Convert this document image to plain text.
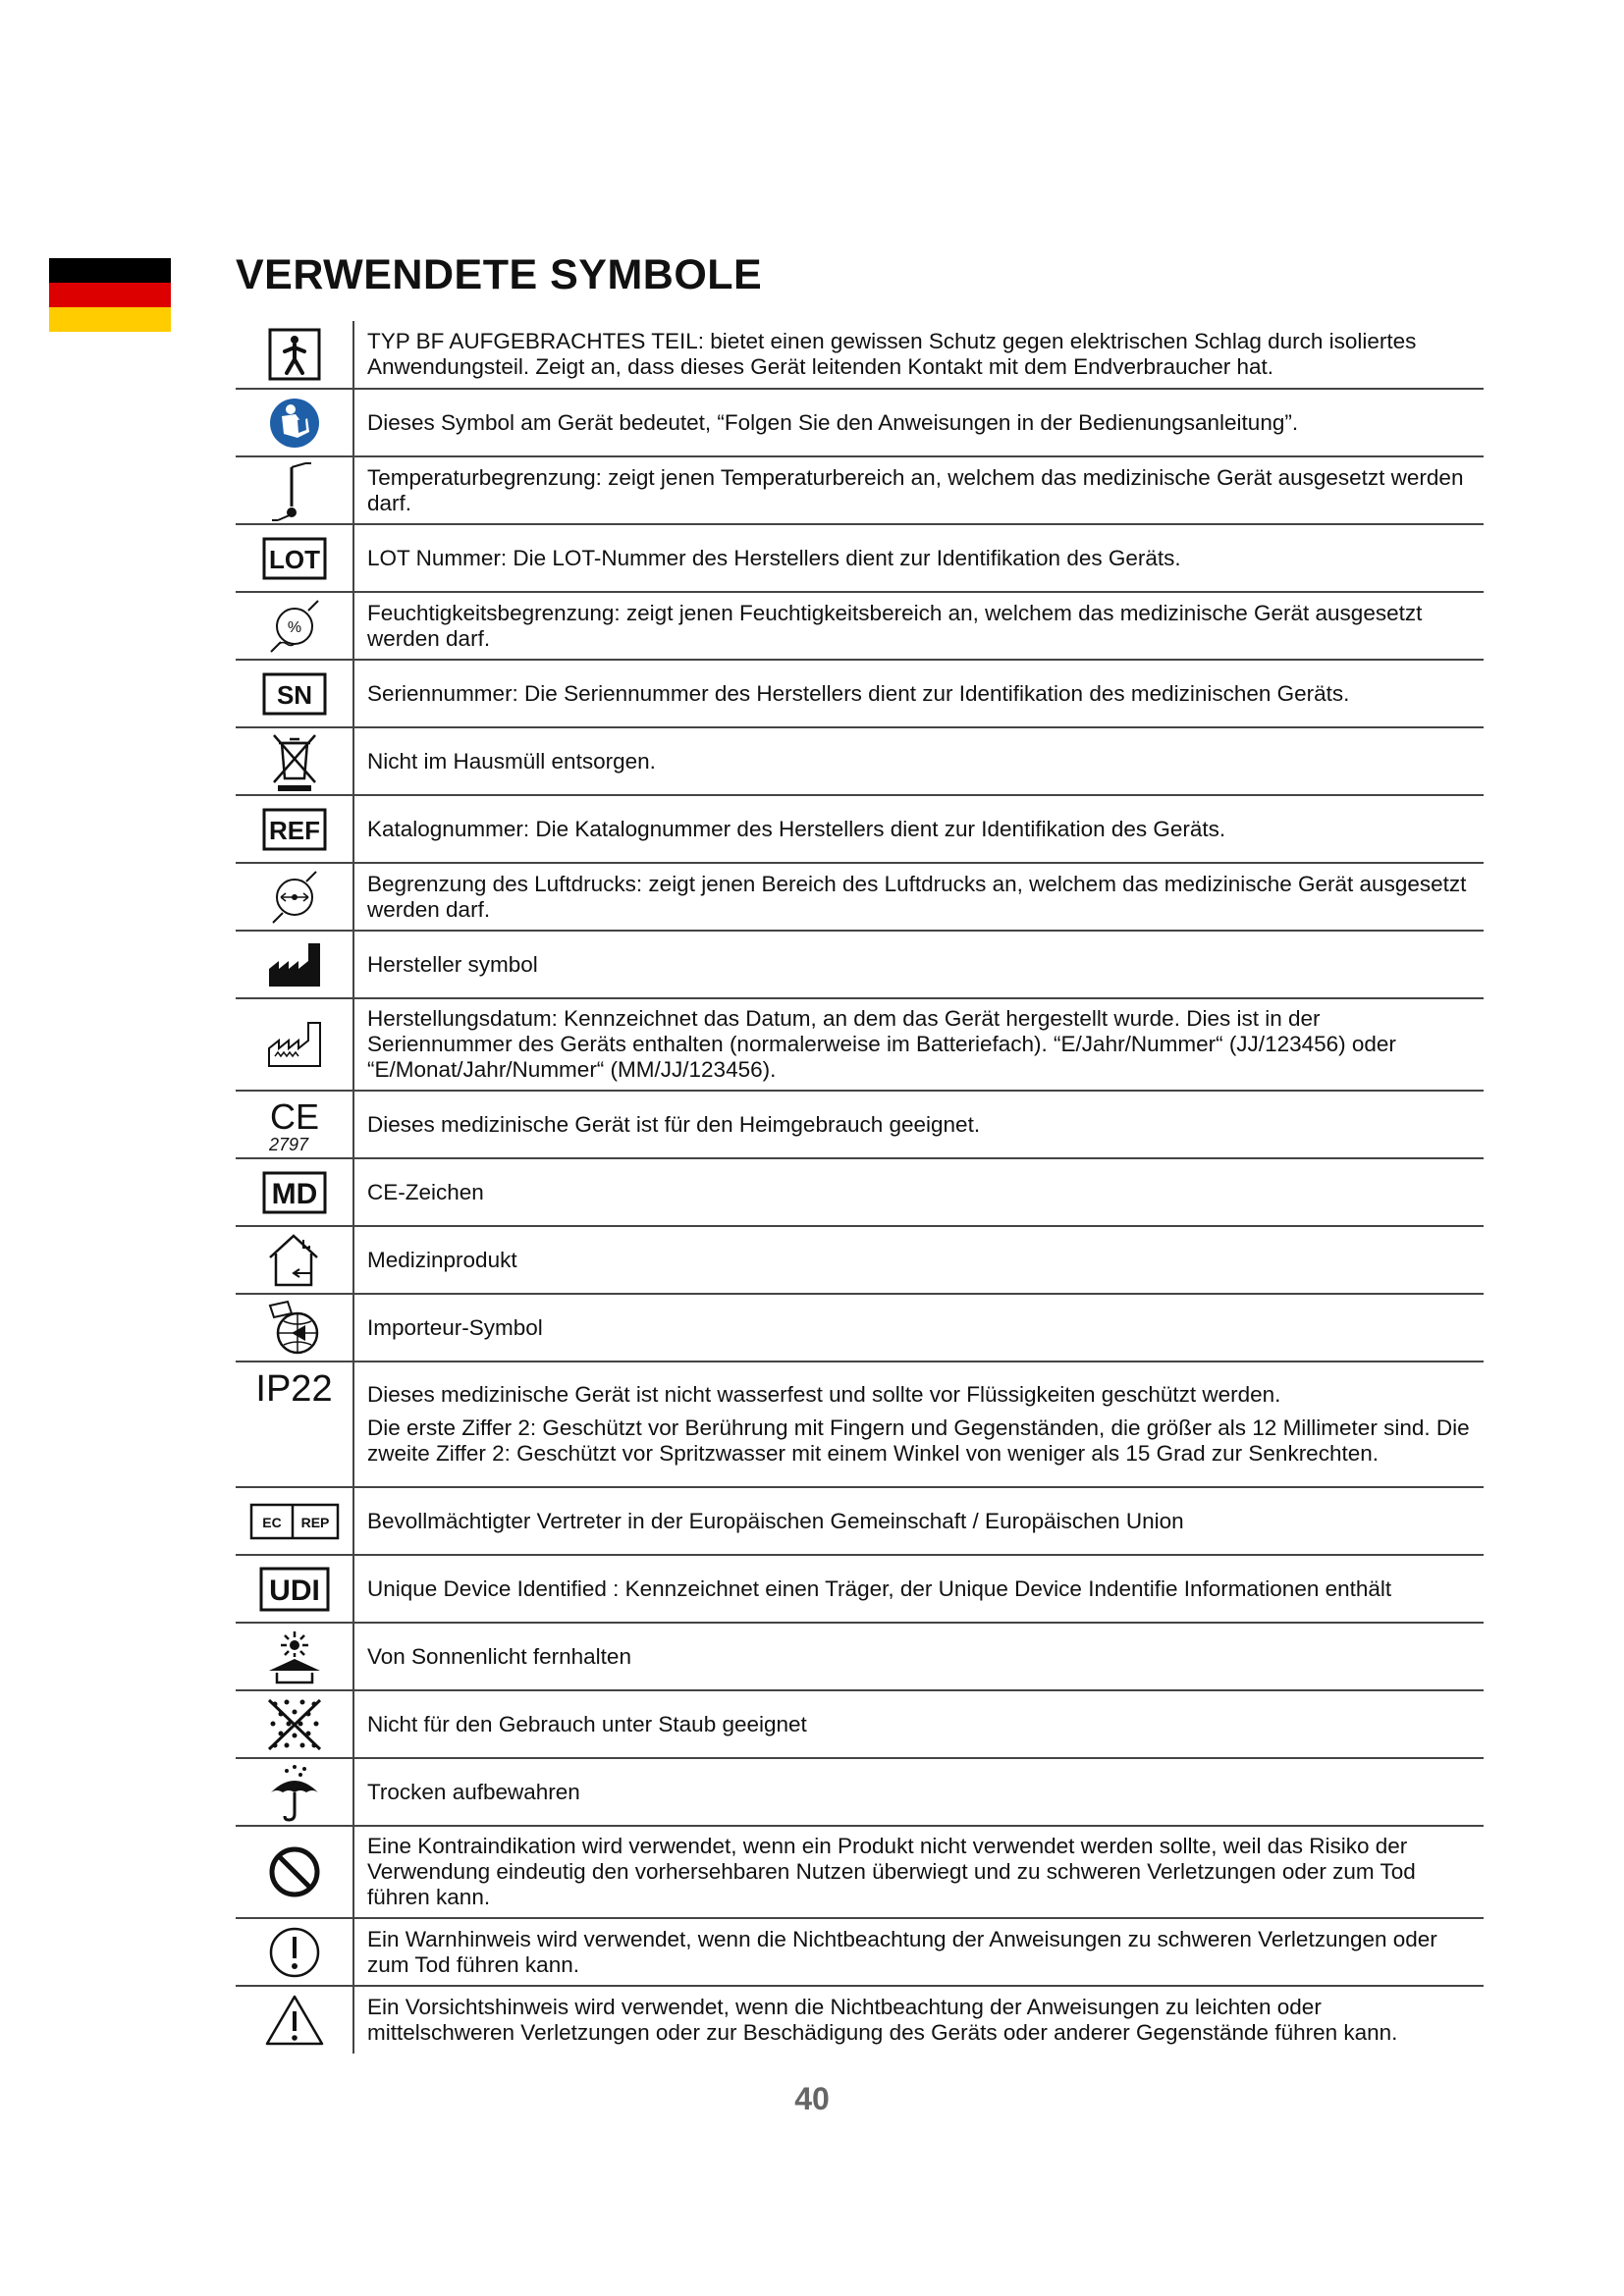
VERWENDETE SYMBOLE
	TYP BF AUFGEBRACHTES TEIL: bietet einen gewissen Schutz gegen elektrischen Schlag durch isoliertes Anwendungsteil. Zeigt an, dass dieses Gerät leitenden Kontakt mit dem Endverbraucher hat.

	Dieses Symbol am Gerät bedeutet, “Folgen Sie den Anweisungen in der Bedienungsanleitung”.

	Temperaturbegrenzung: zeigt jenen Temperaturbereich an, welchem das medizinische Gerät ausgesetzt werden darf.

LOT	LOT Nummer: Die LOT-Nummer des Herstellers dient zur Identifikation des Geräts.

%	Feuchtigkeitsbegrenzung: zeigt jenen Feuchtigkeitsbereich an, welchem das medizinische Gerät ausgesetzt werden darf.

SN	Seriennummer: Die Seriennummer des Herstellers dient zur Identifikation des medizinischen Geräts.

	Nicht im Hausmüll entsorgen.

REF	Katalognummer: Die Katalognummer des Herstellers dient zur Identifikation des Geräts.

	Begrenzung des Luftdrucks: zeigt jenen Bereich des Luftdrucks an, welchem das medizinische Gerät ausgesetzt werden darf.

	Hersteller symbol

	Herstellungsdatum: Kennzeichnet das Datum, an dem das Gerät hergestellt wurde. Dies ist in der Seriennummer des Geräts enthalten (normalerweise im Batteriefach). “E/Jahr/Nummer“ (JJ/123456) oder “E/Monat/Jahr/Nummer“ (MM/JJ/123456).

CE
2797	Dieses medizinische Gerät ist für den Heimgebrauch geeignet.

MD	CE-Zeichen

	Medizinprodukt

	Importeur-Symbol
IP22	Dieses medizinische Gerät ist nicht wasserfest und sollte vor Flüssigkeiten geschützt werden.

Die erste Ziffer 2: Geschützt vor Berührung mit Fingern und Gegenständen, die größer als 12 Millimeter sind. Die zweite Ziffer 2: Geschützt vor Spritzwasser mit einem Winkel von weniger als 15 Grad zur Senkrechten.

EC REP	Bevollmächtigter Vertreter in der Europäischen Gemeinschaft / Europäischen Union

UDI	Unique Device Identified : Kennzeichnet einen Träger, der Unique Device Indentifie Informationen enthält

	Von Sonnenlicht fernhalten

	Nicht für den Gebrauch unter Staub geeignet

	Trocken aufbewahren

	Eine Kontraindikation wird verwendet, wenn ein Produkt nicht verwendet werden sollte, weil das Risiko der Verwendung eindeutig den vorhersehbaren Nutzen überwiegt und zu schweren Verletzungen oder zum Tod führen kann.

	Ein Warnhinweis wird verwendet, wenn die Nichtbeachtung der Anweisungen zu schweren Verletzungen oder zum Tod führen kann.

	Ein Vorsichtshinweis wird verwendet, wenn die Nichtbeachtung der Anweisungen zu leichten oder mittelschweren Verletzungen oder zur Beschädigung des Geräts oder anderer Gegenstände führen kann.
40
